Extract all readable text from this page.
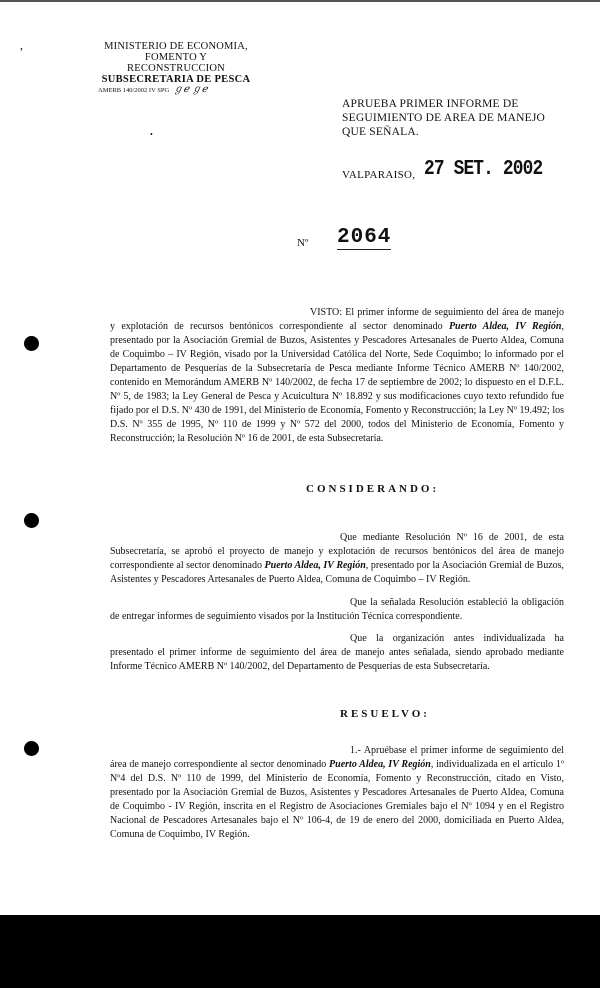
,
•
MINISTERIO DE ECONOMIA,
FOMENTO Y RECONSTRUCCION
SUBSECRETARIA DE PESCA
AMERB 140/2002 IV SPG ℊℯ ℊℯ
APRUEBA PRIMER INFORME DE SEGUIMIENTO DE AREA DE MANEJO QUE SEÑALA.
VALPARAISO, 27 SET. 2002
Nº 2064
VISTO: El primer informe de seguimiento del área de manejo y explotación de recursos bentónicos correspondiente al sector denominado Puerto Aldea, IV Región, presentado por la Asociación Gremial de Buzos, Asistentes y Pescadores Artesanales de Puerto Aldea, Comuna de Coquimbo – IV Región, visado por la Universidad Católica del Norte, Sede Coquimbo; lo informado por el Departamento de Pesquerías de la Subsecretaría de Pesca mediante Informe Técnico AMERB Nº 140/2002, contenido en Memorándum AMERB Nº 140/2002, de fecha 17 de septiembre de 2002; lo dispuesto en el D.F.L. Nº 5, de 1983; la Ley General de Pesca y Acuicultura Nº 18.892 y sus modificaciones cuyo texto refundido fue fijado por el D.S. Nº 430 de 1991, del Ministerio de Economía, Fomento y Reconstrucción; la Ley Nº 19.492; los D.S. Nº 355 de 1995, Nº 110 de 1999 y Nº 572 del 2000, todos del Ministerio de Economía, Fomento y Reconstrucción; la Resolución Nº 16 de 2001, de esta Subsecretaría.
CONSIDERANDO:
Que mediante Resolución Nº 16 de 2001, de esta Subsecretaría, se aprobó el proyecto de manejo y explotación de recursos bentónicos del área de manejo correspondiente al sector denominado Puerto Aldea, IV Región, presentado por la Asociación Gremial de Buzos, Asistentes y Pescadores Artesanales de Puerto Aldea, Comuna de Coquimbo – IV Región.
Que la señalada Resolución estableció la obligación de entregar informes de seguimiento visados por la Institución Técnica correspondiente.
Que la organización antes individualizada ha presentado el primer informe de seguimiento del área de manejo antes señalada, siendo aprobado mediante Informe Técnico AMERB Nº 140/2002, del Departamento de Pesquerías de esta Subsecretaría.
RESUELVO:
1.- Apruébase el primer informe de seguimiento del área de manejo correspondiente al sector denominado Puerto Aldea, IV Región, individualizada en el artículo 1º Nº4 del D.S. Nº 110 de 1999, del Ministerio de Economía, Fomento y Reconstrucción, citado en Visto, presentado por la Asociación Gremial de Buzos, Asistentes y Pescadores Artesanales de Puerto Aldea, Comuna de Coquimbo - IV Región, inscrita en el Registro de Asociaciones Gremiales bajo el Nº 1094 y en el Registro Nacional de Pescadores Artesanales bajo el Nº 106-4, de 19 de enero del 2000, domiciliada en Puerto Aldea, Comuna de Coquimbo, IV Región.
